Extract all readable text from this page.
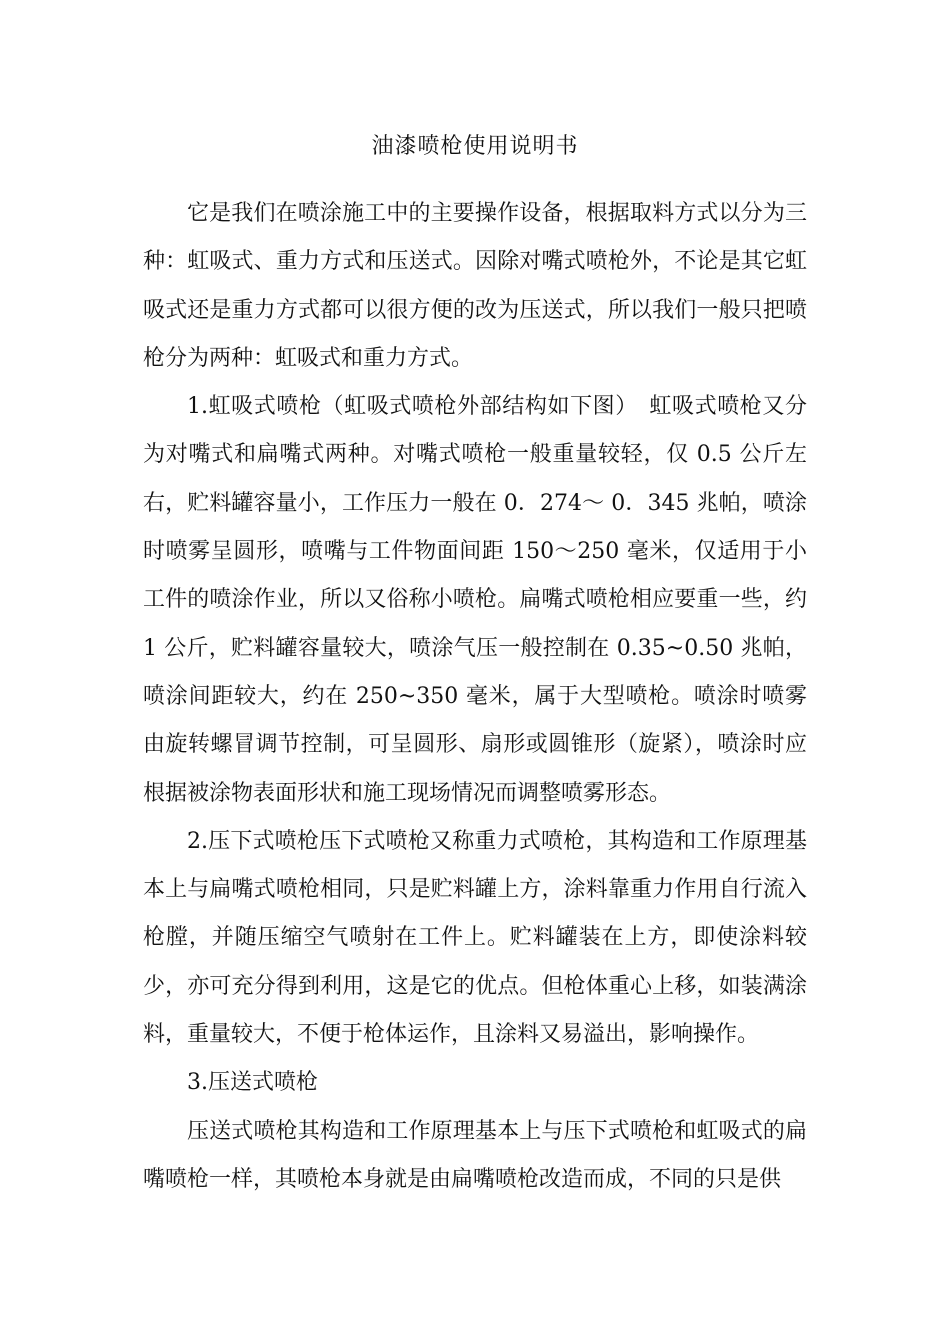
油漆喷枪使用说明书

它是我们在喷涂施工中的主要操作设备，根据取料方式以分为三种：虹吸式、重力方式和压送式。因除对嘴式喷枪外，不论是其它虹吸式还是重力方式都可以很方便的改为压送式，所以我们一般只把喷枪分为两种：虹吸式和重力方式。

1.虹吸式喷枪（虹吸式喷枪外部结构如下图）　虹吸式喷枪又分为对嘴式和扁嘴式两种。对嘴式喷枪一般重量较轻，仅 0.5 公斤左右，贮料罐容量小，工作压力一般在 0．274～ 0．345 兆帕，喷涂时喷雾呈圆形，喷嘴与工件物面间距 150～250 毫米，仅适用于小工件的喷涂作业，所以又俗称小喷枪。扁嘴式喷枪相应要重一些，约 1 公斤，贮料罐容量较大，喷涂气压一般控制在 0.35~0.50 兆帕，喷涂间距较大，约在 250~350 毫米，属于大型喷枪。喷涂时喷雾由旋转螺冒调节控制，可呈圆形、扇形或圆锥形（旋紧），喷涂时应根据被涂物表面形状和施工现场情况而调整喷雾形态。

2.压下式喷枪压下式喷枪又称重力式喷枪，其构造和工作原理基本上与扁嘴式喷枪相同，只是贮料罐上方，涂料靠重力作用自行流入枪膛，并随压缩空气喷射在工件上。贮料罐装在上方，即使涂料较少，亦可充分得到利用，这是它的优点。但枪体重心上移，如装满涂料，重量较大，不便于枪体运作，且涂料又易溢出，影响操作。

3.压送式喷枪

压送式喷枪其构造和工作原理基本上与压下式喷枪和虹吸式的扁嘴喷枪一样，其喷枪本身就是由扁嘴喷枪改造而成，不同的只是供
